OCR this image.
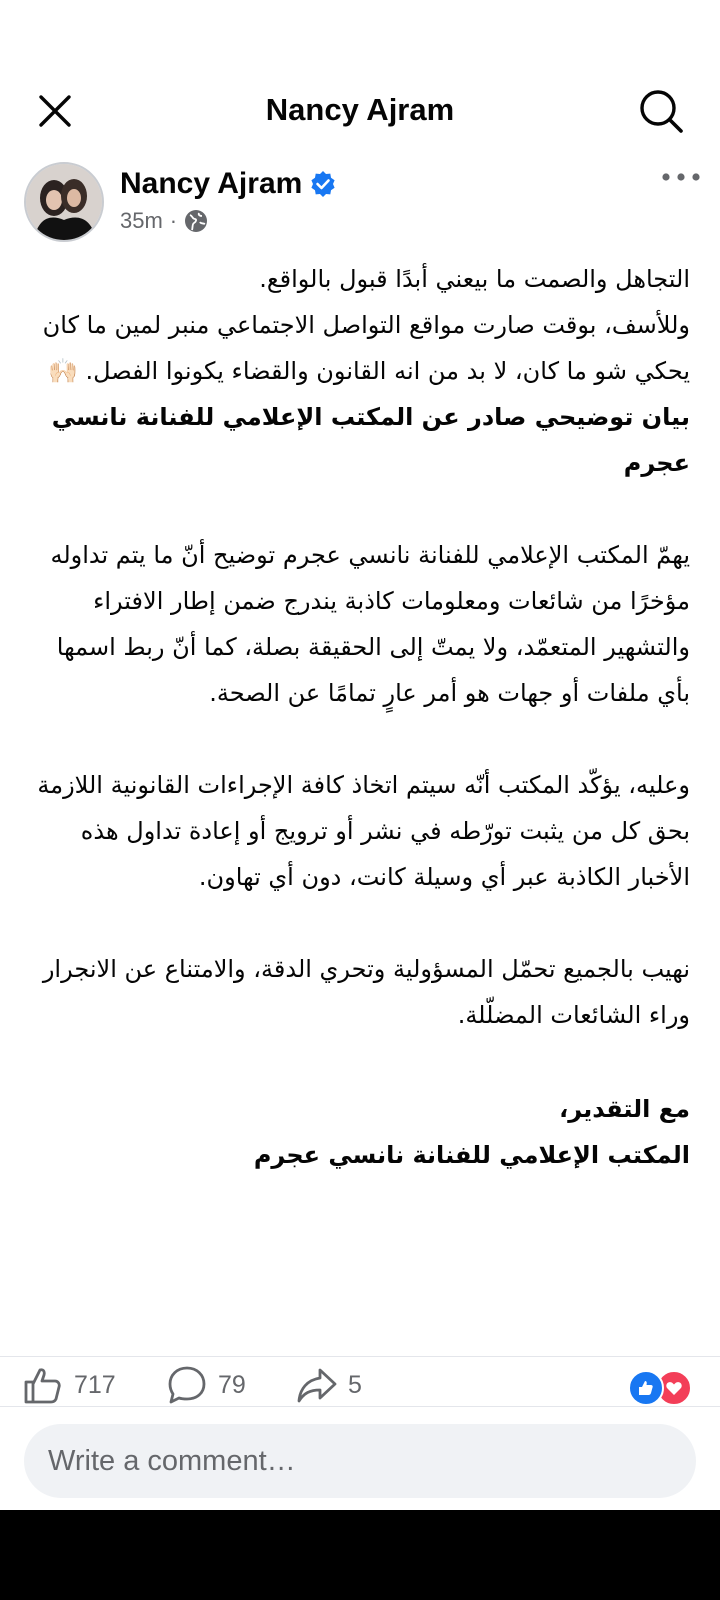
Nancy Ajram
Nancy Ajram
35m ·

التجاهل والصمت ما بيعني أبدًا قبول بالواقع.
وللأسف، بوقت صارت مواقع التواصل الاجتماعي منبر لمين ما كان يحكي شو ما كان، لا بد من انه القانون والقضاء يكونوا الفصل. 🙌🏻

بيان توضيحي صادر عن المكتب الإعلامي للفنانة نانسي عجرم

يهمّ المكتب الإعلامي للفنانة نانسي عجرم توضيح أنّ ما يتم تداوله مؤخرًا من شائعات ومعلومات كاذبة يندرج ضمن إطار الافتراء والتشهير المتعمّد، ولا يمتّ إلى الحقيقة بصلة، كما أنّ ربط اسمها بأي ملفات أو جهات هو أمر عارٍ تمامًا عن الصحة.

وعليه، يؤكّد المكتب أنّه سيتم اتخاذ كافة الإجراءات القانونية اللازمة بحق كل من يثبت تورّطه في نشر أو ترويج أو إعادة تداول هذه الأخبار الكاذبة عبر أي وسيلة كانت، دون أي تهاون.

نهيب بالجميع تحمّل المسؤولية وتحري الدقة، والامتناع عن الانجرار وراء الشائعات المضلّلة.

مع التقدير،
المكتب الإعلامي للفنانة نانسي عجرم

717	79	5
Write a comment…
